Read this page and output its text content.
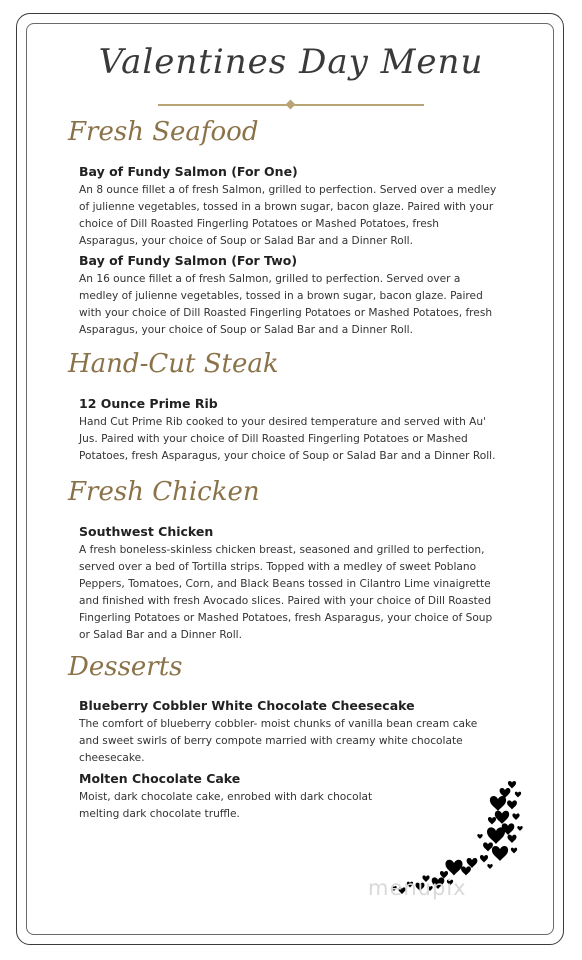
Valentines Day Menu
Fresh Seafood

Bay of Fundy Salmon (For One)

An 8 ounce fillet a of fresh Salmon, grilled to perfection. Served over a medley of julienne vegetables, tossed in a brown sugar, bacon glaze. Paired with your choice of Dill Roasted Fingerling Potatoes or Mashed Potatoes, fresh Asparagus, your choice of Soup or Salad Bar and a Dinner Roll.

Bay of Fundy Salmon (For Two)

An 16 ounce fillet a of fresh Salmon, grilled to perfection. Served over a medley of julienne vegetables, tossed in a brown sugar, bacon glaze. Paired with your choice of Dill Roasted Fingerling Potatoes or Mashed Potatoes, fresh Asparagus, your choice of Soup or Salad Bar and a Dinner Roll.

Hand-Cut Steak

12 Ounce Prime Rib

Hand Cut Prime Rib cooked to your desired temperature and served with Au' Jus. Paired with your choice of Dill Roasted Fingerling Potatoes or Mashed Potatoes, fresh Asparagus, your choice of Soup or Salad Bar and a Dinner Roll.

Fresh Chicken

Southwest Chicken

A fresh boneless-skinless chicken breast, seasoned and grilled to perfection, served over a bed of Tortilla strips. Topped with a medley of sweet Poblano Peppers, Tomatoes, Corn, and Black Beans tossed in Cilantro Lime vinaigrette and finished with fresh Avocado slices. Paired with your choice of Dill Roasted Fingerling Potatoes or Mashed Potatoes, fresh Asparagus, your choice of Soup or Salad Bar and a Dinner Roll.

Desserts

Blueberry Cobbler White Chocolate Cheesecake

The comfort of blueberry cobbler- moist chunks of vanilla bean cream cake and sweet swirls of berry compote married with creamy white chocolate cheesecake.

Molten Chocolate Cake

Moist, dark chocolate cake, enrobed with dark chocolat melting dark chocolate truffle.

menupix
